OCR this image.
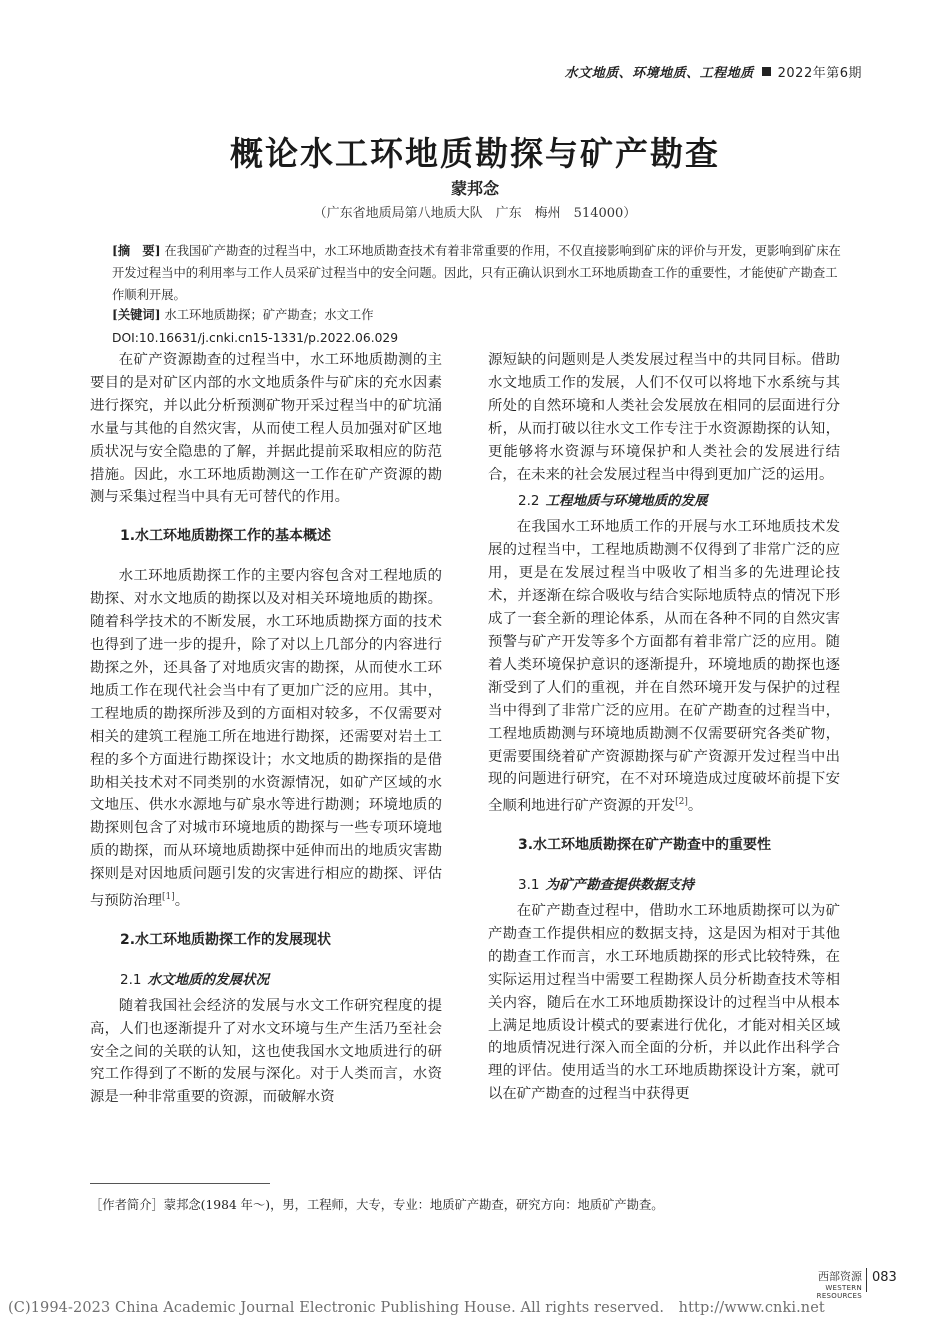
水文地质、环境地质、工程地质 2022年第6期
概论水工环地质勘探与矿产勘查
蒙邦念
（广东省地质局第八地质大队　广东　梅州　514000）
[摘　要] 在我国矿产勘查的过程当中，水工环地质勘查技术有着非常重要的作用，不仅直接影响到矿床的评价与开发，更影响到矿床在开发过程当中的利用率与工作人员采矿过程当中的安全问题。因此，只有正确认识到水工环地质勘查工作的重要性，才能使矿产勘查工作顺利开展。
[关键词] 水工环地质勘探；矿产勘查；水文工作
DOI:10.16631/j.cnki.cn15-1331/p.2022.06.029

在矿产资源勘查的过程当中，水工环地质勘测的主要目的是对矿区内部的水文地质条件与矿床的充水因素进行探究，并以此分析预测矿物开采过程当中的矿坑涌水量与其他的自然灾害，从而使工程人员加强对矿区地质状况与安全隐患的了解，并据此提前采取相应的防范措施。因此，水工环地质勘测这一工作在矿产资源的勘测与采集过程当中具有无可替代的作用。

1.水工环地质勘探工作的基本概述

水工环地质勘探工作的主要内容包含对工程地质的勘探、对水文地质的勘探以及对相关环境地质的勘探。随着科学技术的不断发展，水工环地质勘探方面的技术也得到了进一步的提升，除了对以上几部分的内容进行勘探之外，还具备了对地质灾害的勘探，从而使水工环地质工作在现代社会当中有了更加广泛的应用。其中，工程地质的勘探所涉及到的方面相对较多，不仅需要对相关的建筑工程施工所在地进行勘探，还需要对岩土工程的多个方面进行勘探设计；水文地质的勘探指的是借助相关技术对不同类别的水资源情况，如矿产区域的水文地压、供水水源地与矿泉水等进行勘测；环境地质的勘探则包含了对城市环境地质的勘探与一些专项环境地质的勘探，而从环境地质勘探中延伸而出的地质灾害勘探则是对因地质问题引发的灾害进行相应的勘探、评估与预防治理[1]。

2.水工环地质勘探工作的发展现状
2.1 水文地质的发展状况

随着我国社会经济的发展与水文工作研究程度的提高，人们也逐渐提升了对水文环境与生产生活乃至社会安全之间的关联的认知，这也使我国水文地质进行的研究工作得到了不断的发展与深化。对于人类而言，水资源是一种非常重要的资源，而破解水资

源短缺的问题则是人类发展过程当中的共同目标。借助水文地质工作的发展，人们不仅可以将地下水系统与其所处的自然环境和人类社会发展放在相同的层面进行分析，从而打破以往水文工作专注于水资源勘探的认知，更能够将水资源与环境保护和人类社会的发展进行结合，在未来的社会发展过程当中得到更加广泛的运用。

2.2 工程地质与环境地质的发展

在我国水工环地质工作的开展与水工环地质技术发展的过程当中，工程地质勘测不仅得到了非常广泛的应用，更是在发展过程当中吸收了相当多的先进理论技术，并逐渐在综合吸收与结合实际地质特点的情况下形成了一套全新的理论体系，从而在各种不同的自然灾害预警与矿产开发等多个方面都有着非常广泛的应用。随着人类环境保护意识的逐渐提升，环境地质的勘探也逐渐受到了人们的重视，并在自然环境开发与保护的过程当中得到了非常广泛的应用。在矿产勘查的过程当中，工程地质勘测与环境地质勘测不仅需要研究各类矿物，更需要围绕着矿产资源勘探与矿产资源开发过程当中出现的问题进行研究，在不对环境造成过度破坏前提下安全顺利地进行矿产资源的开发[2]。

3.水工环地质勘探在矿产勘查中的重要性
3.1 为矿产勘查提供数据支持

在矿产勘查过程中，借助水工环地质勘探可以为矿产勘查工作提供相应的数据支持，这是因为相对于其他的勘查工作而言，水工环地质勘探的形式比较特殊，在实际运用过程当中需要工程勘探人员分析勘查技术等相关内容，随后在水工环地质勘探设计的过程当中从根本上满足地质设计模式的要素进行优化，才能对相关区域的地质情况进行深入而全面的分析，并以此作出科学合理的评估。使用适当的水工环地质勘探设计方案，就可以在矿产勘查的过程当中获得更

［作者简介］蒙邦念(1984 年～)，男，工程师，大专，专业：地质矿产勘查，研究方向：地质矿产勘查。
西部资源
WESTERN RESOURCES
083
(C)1994-2023 China Academic Journal Electronic Publishing House. All rights reserved.　http://www.cnki.net
